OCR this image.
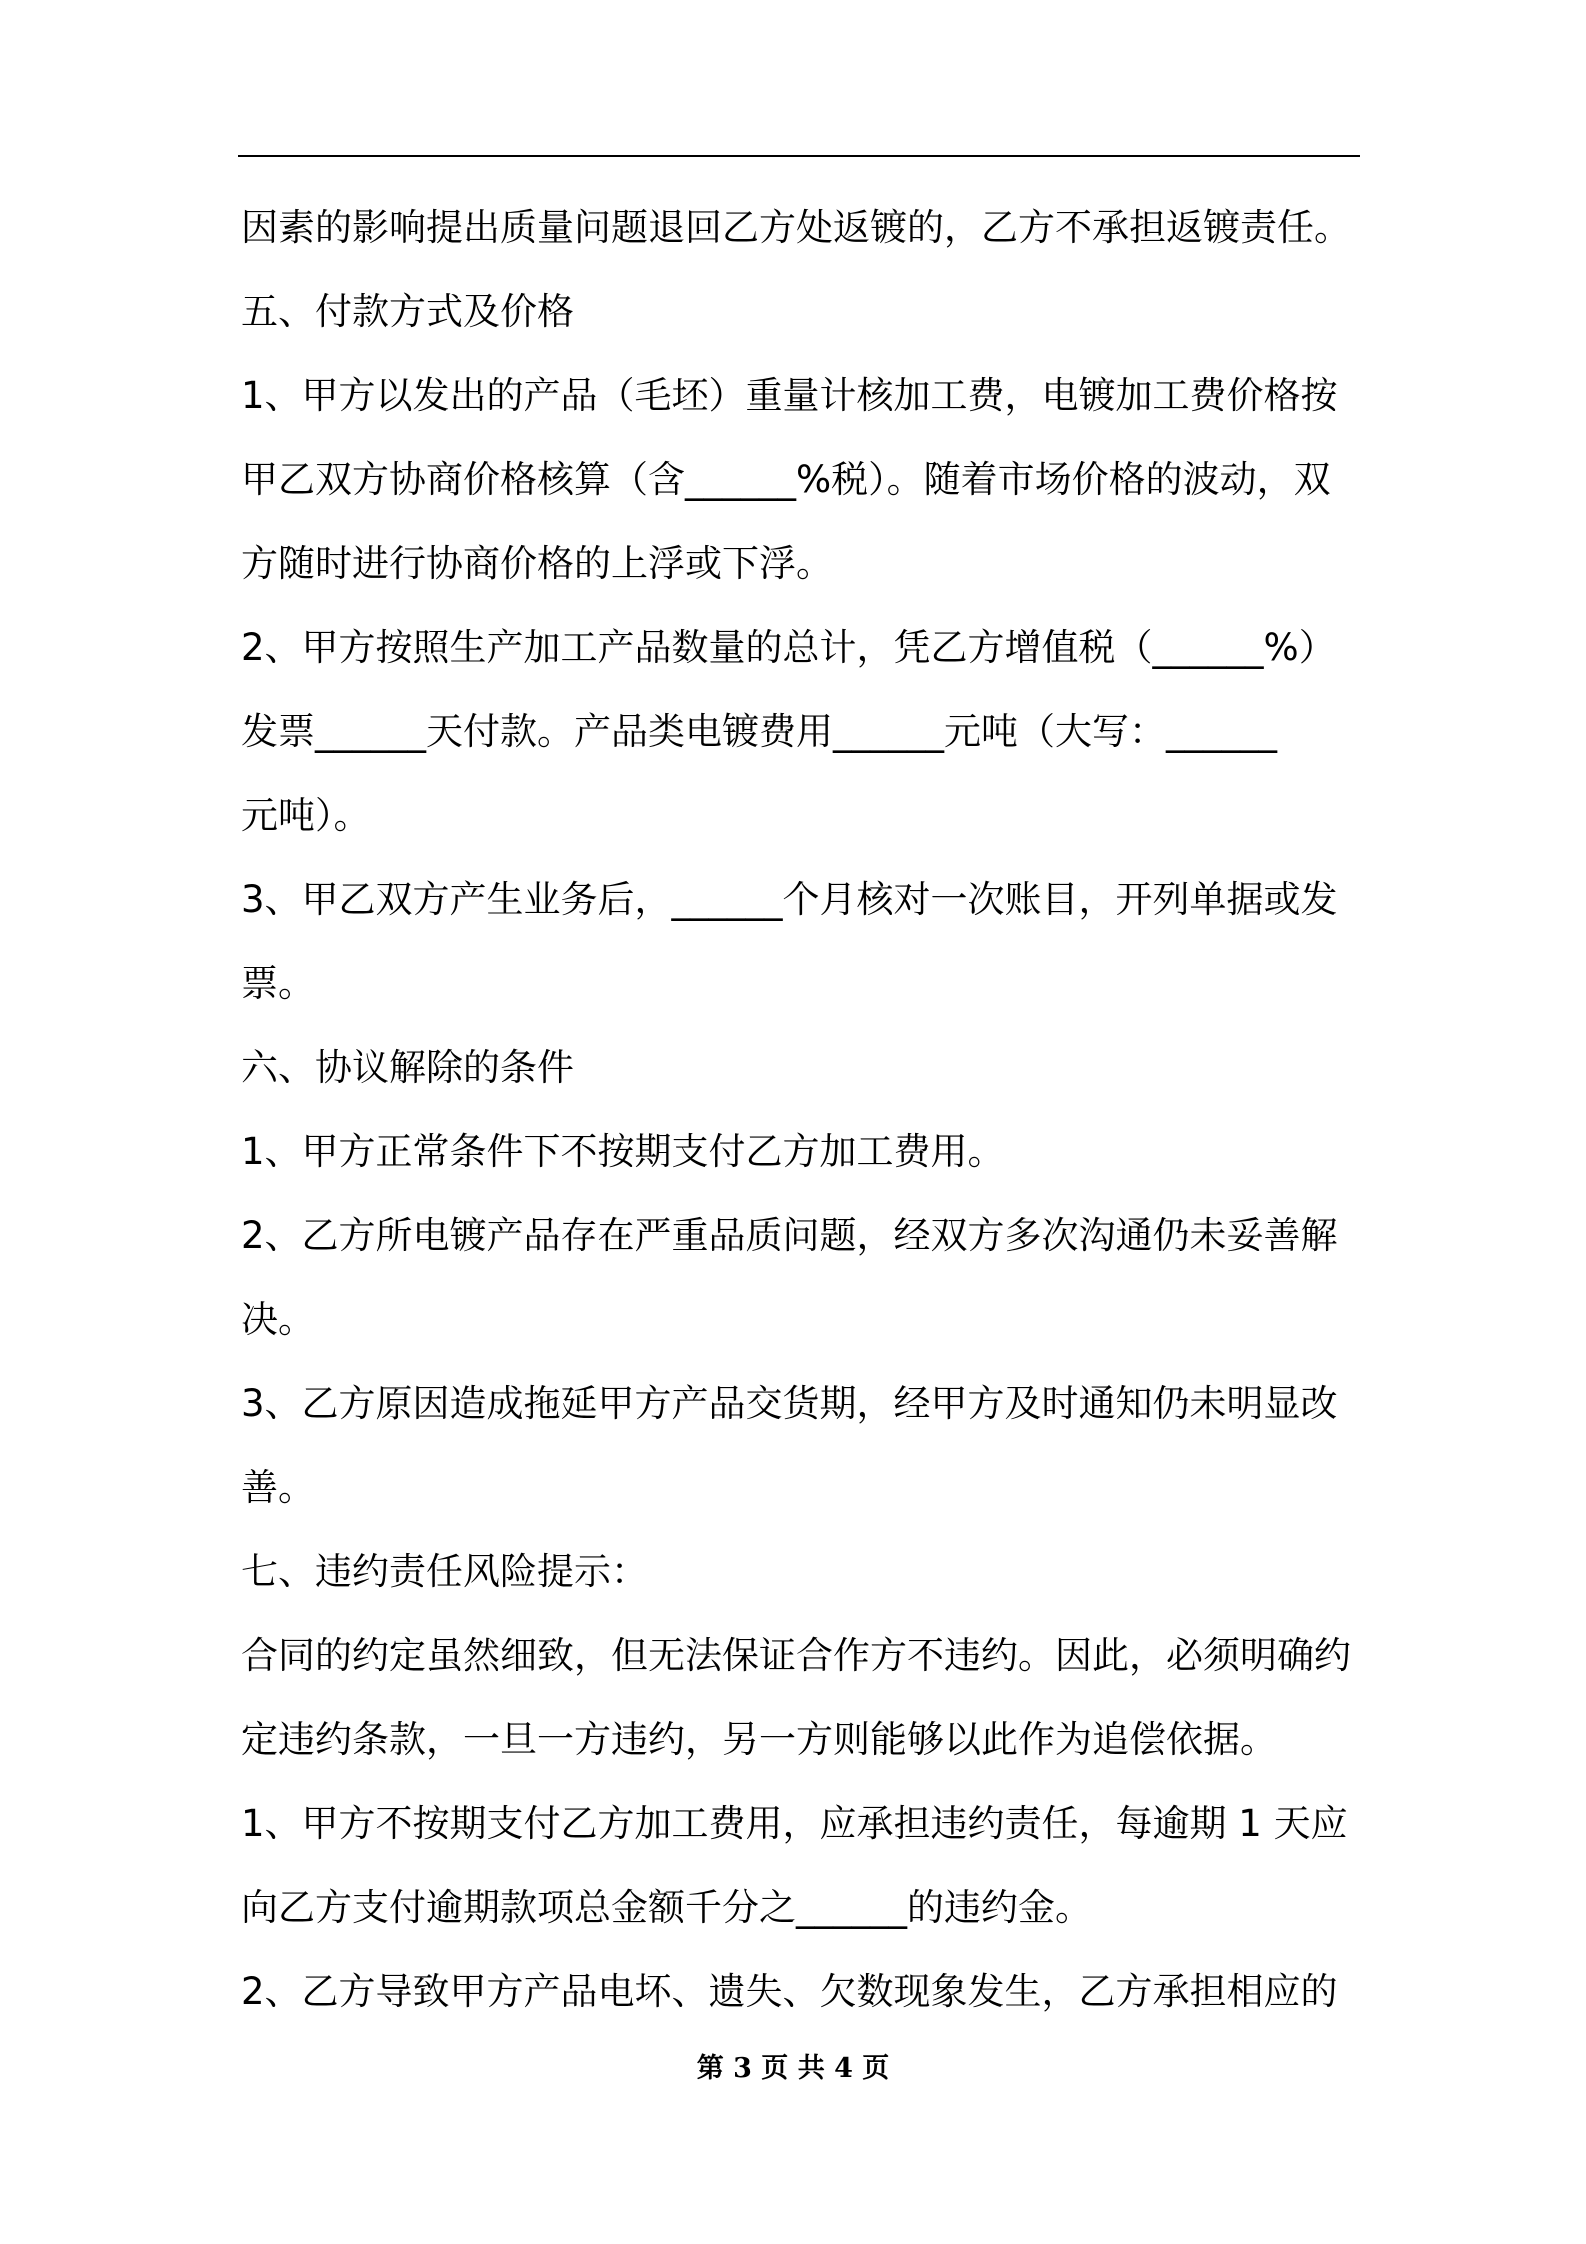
因素的影响提出质量问题退回乙方处返镀的，乙方不承担返镀责任。
五、付款方式及价格
1、甲方以发出的产品（毛坯）重量计核加工费，电镀加工费价格按
甲乙双方协商价格核算（含______%税）。随着市场价格的波动，双
方随时进行协商价格的上浮或下浮。
2、甲方按照生产加工产品数量的总计，凭乙方增值税（______%）
发票______天付款。产品类电镀费用______元吨（大写：______
元吨）。
3、甲乙双方产生业务后，______个月核对一次账目，开列单据或发
票。
六、协议解除的条件
1、甲方正常条件下不按期支付乙方加工费用。
2、乙方所电镀产品存在严重品质问题，经双方多次沟通仍未妥善解
决。
3、乙方原因造成拖延甲方产品交货期，经甲方及时通知仍未明显改
善。
七、违约责任风险提示：
合同的约定虽然细致，但无法保证合作方不违约。因此，必须明确约
定违约条款，一旦一方违约，另一方则能够以此作为追偿依据。
1、甲方不按期支付乙方加工费用，应承担违约责任，每逾期 1 天应
向乙方支付逾期款项总金额千分之______的违约金。
2、乙方导致甲方产品电坏、遗失、欠数现象发生，乙方承担相应的
第 3 页 共 4 页
